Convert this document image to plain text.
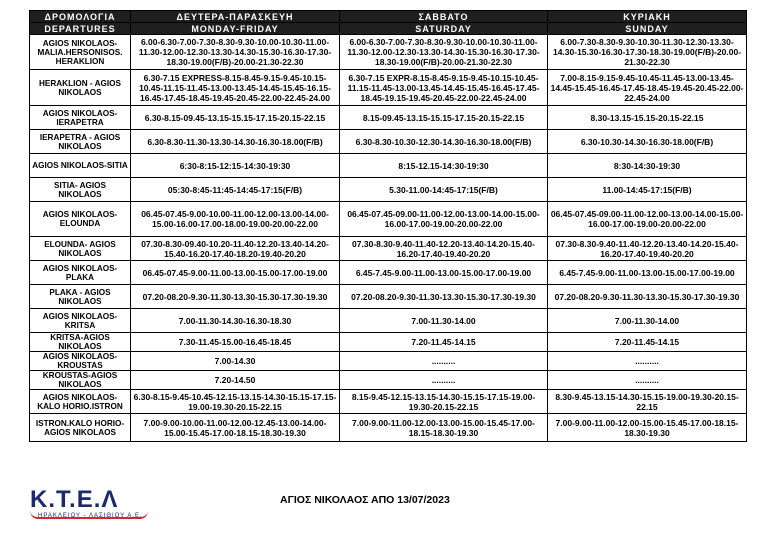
ΔΡΟΜΟΛΟΓΙΑ	ΔΕΥΤΕΡΑ-ΠΑΡΑΣΚΕΥΗ	ΣΑΒΒΑΤΟ	ΚΥΡΙΑΚΗ
DEPARTURES	MONDAY-FRIDAY	SATURDAY	SUNDAY
AGIOS NIKOLAOS-MALIA.HERSONISOS. HERAKLION	6.00-6.30-7.00-7.30-8.30-9.30-10.00-10.30-11.00-11.30-12.00-12.30-13.30-14.30-15.30-16.30-17.30-18.30-19.00(F/B)-20.00-21.30-22.30	6.00-6.30-7.00-7.30-8.30-9.30-10.00-10.30-11.00-11.30-12.00-12.30-13.30-14.30-15.30-16.30-17.30-18.30-19.00(F/B)-20.00-21.30-22.30	6.00-7.30-8.30-9.30-10.30-11.30-12.30-13.30-14.30-15.30-16.30-17.30-18.30-19.00(F/B)-20.00-21.30-22.30
HERAKLION - AGIOS NIKOLAOS	6.30-7.15 EXPRESS-8.15-8.45-9.15-9.45-10.15-10.45-11.15-11.45-13.00-13.45-14.45-15.45-16.15-16.45-17.45-18.45-19.45-20.45-22.00-22.45-24.00	6.30-7.15 EXPR-8.15-8.45-9.15-9.45-10.15-10.45-11.15-11.45-13.00-13.45-14.45-15.45-16.45-17.45-18.45-19.15-19.45-20.45-22.00-22.45-24.00	7.00-8.15-9.15-9.45-10.45-11.45-13.00-13.45-14.45-15.45-16.45-17.45-18.45-19.45-20.45-22.00-22.45-24.00
AGIOS NIKOLAOS-IERAPETRA	6.30-8.15-09.45-13.15-15.15-17.15-20.15-22.15	8.15-09.45-13.15-15.15-17.15-20.15-22.15	8.30-13.15-15.15-20.15-22.15
IERAPETRA - AGIOS NIKOLAOS	6.30-8.30-11.30-13.30-14.30-16.30-18.00(F/B)	6.30-8.30-10.30-12.30-14.30-16.30-18.00(F/B)	6.30-10.30-14.30-16.30-18.00(F/B)
AGIOS NIKOLAOS-SITIA	6:30-8:15-12:15-14:30-19:30	8:15-12.15-14:30-19:30	8:30-14:30-19:30
SITIA- AGIOS NIKOLAOS	05:30-8:45-11:45-14:45-17:15(F/B)	5.30-11.00-14:45-17:15(F/B)	11.00-14:45-17:15(F/B)
AGIOS NIKOLAOS-ELOUNDA	06.45-07.45-9.00-10.00-11.00-12.00-13.00-14.00-15.00-16.00-17.00-18.00-19.00-20.00-22.00	06.45-07.45-09.00-11.00-12.00-13.00-14.00-15.00-16.00-17.00-19.00-20.00-22.00	06.45-07.45-09.00-11.00-12.00-13.00-14.00-15.00-16.00-17.00-19.00-20.00-22.00
ELOUNDA- AGIOS NIKOLAOS	07.30-8.30-09.40-10.20-11.40-12.20-13.40-14.20-15.40-16.20-17.40-18.20-19.40-20.20	07.30-8.30-9.40-11.40-12.20-13.40-14.20-15.40-16.20-17.40-19.40-20.20	07.30-8.30-9.40-11.40-12.20-13.40-14.20-15.40-16.20-17.40-19.40-20.20
AGIOS NIKOLAOS-PLAKA	06.45-07.45-9.00-11.00-13.00-15.00-17.00-19.00	6.45-7.45-9.00-11.00-13.00-15.00-17.00-19.00	6.45-7.45-9.00-11.00-13.00-15.00-17.00-19.00
PLAKA - AGIOS NIKOLAOS	07.20-08.20-9.30-11.30-13.30-15.30-17.30-19.30	07.20-08.20-9.30-11.30-13.30-15.30-17.30-19.30	07.20-08.20-9.30-11.30-13.30-15.30-17.30-19.30
AGIOS NIKOLAOS-KRITSA	7.00-11.30-14.30-16.30-18.30	7.00-11.30-14.00	7.00-11.30-14.00
KRITSA-AGIOS NIKOLAOS	7.30-11.45-15.00-16.45-18.45	7.20-11.45-14.15	7.20-11.45-14.15
AGIOS NIKOLAOS-KROUSTAS	7.00-14.30	..........	..........
KROUSTAS-AGIOS NIKOLAOS	7.20-14.50	..........	..........
AGIOS NIKOLAOS-KALO HORIO.ISTRON	6.30-8.15-9.45-10.45-12.15-13.15-14.30-15.15-17.15-19.00-19.30-20.15-22.15	8.15-9.45-12.15-13.15-14.30-15.15-17.15-19.00-19.30-20.15-22.15	8.30-9.45-13.15-14.30-15.15-19.00-19.30-20.15-22.15
ISTRON.KALO HORIO-AGIOS NIKOLAOS	7.00-9.00-10.00-11.00-12.00-12.45-13.00-14.00-15.00-15.45-17.00-18.15-18.30-19.30	7.00-9.00-11.00-12.00-13.00-15.00-15.45-17.00-18.15-18.30-19.30	7.00-9.00-11.00-12.00-15.00-15.45-17.00-18.15-18.30-19.30
Κ.Τ.Ε.Λ
ΗΡΑΚΛΕΙΟΥ - ΛΑΣΙΘΙΟΥ Α.Ε.
ΑΓΙΟΣ ΝΙΚΟΛΑΟΣ ΑΠΟ 13/07/2023
